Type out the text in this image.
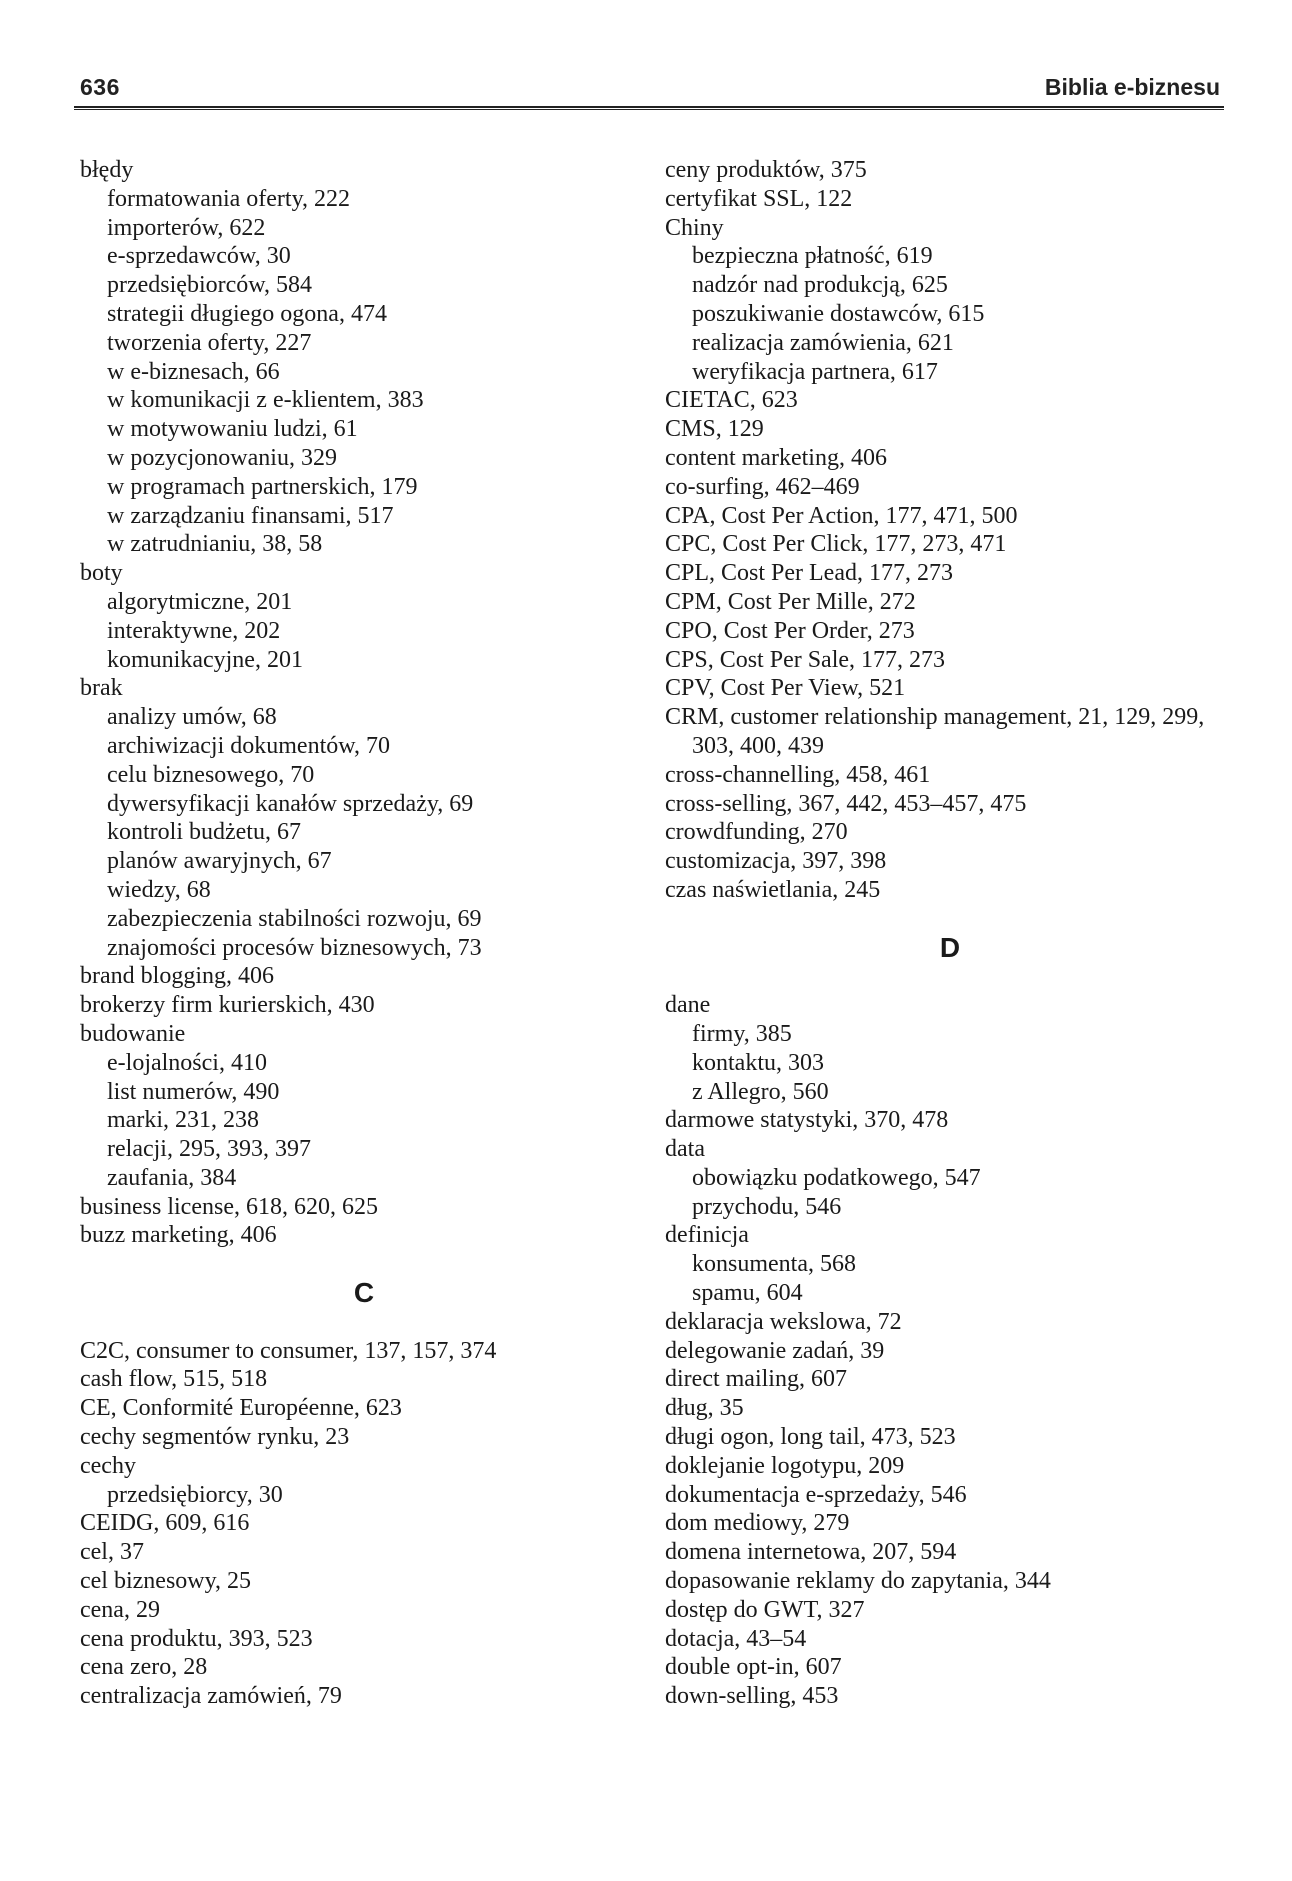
636	Biblia e-biznesu
błędy
formatowania oferty, 222
importerów, 622
e-sprzedawców, 30
przedsiębiorców, 584
strategii długiego ogona, 474
tworzenia oferty, 227
w e-biznesach, 66
w komunikacji z e-klientem, 383
w motywowaniu ludzi, 61
w pozycjonowaniu, 329
w programach partnerskich, 179
w zarządzaniu finansami, 517
w zatrudnianiu, 38, 58
boty
algorytmiczne, 201
interaktywne, 202
komunikacyjne, 201
brak
analizy umów, 68
archiwizacji dokumentów, 70
celu biznesowego, 70
dywersyfikacji kanałów sprzedaży, 69
kontroli budżetu, 67
planów awaryjnych, 67
wiedzy, 68
zabezpieczenia stabilności rozwoju, 69
znajomości procesów biznesowych, 73
brand blogging, 406
brokerzy firm kurierskich, 430
budowanie
e-lojalności, 410
list numerów, 490
marki, 231, 238
relacji, 295, 393, 397
zaufania, 384
business license, 618, 620, 625
buzz marketing, 406
C
C2C, consumer to consumer, 137, 157, 374
cash flow, 515, 518
CE, Conformité Européenne, 623
cechy segmentów rynku, 23
cechy
przedsiębiorcy, 30
CEIDG, 609, 616
cel, 37
cel biznesowy, 25
cena, 29
cena produktu, 393, 523
cena zero, 28
centralizacja zamówień, 79
ceny produktów, 375
certyfikat SSL, 122
Chiny
bezpieczna płatność, 619
nadzór nad produkcją, 625
poszukiwanie dostawców, 615
realizacja zamówienia, 621
weryfikacja partnera, 617
CIETAC, 623
CMS, 129
content marketing, 406
co-surfing, 462–469
CPA, Cost Per Action, 177, 471, 500
CPC, Cost Per Click, 177, 273, 471
CPL, Cost Per Lead, 177, 273
CPM, Cost Per Mille, 272
CPO, Cost Per Order, 273
CPS, Cost Per Sale, 177, 273
CPV, Cost Per View, 521
CRM, customer relationship management, 21, 129, 299, 303, 400, 439
cross-channelling, 458, 461
cross-selling, 367, 442, 453–457, 475
crowdfunding, 270
customizacja, 397, 398
czas naświetlania, 245
D
dane
firmy, 385
kontaktu, 303
z Allegro, 560
darmowe statystyki, 370, 478
data
obowiązku podatkowego, 547
przychodu, 546
definicja
konsumenta, 568
spamu, 604
deklaracja wekslowa, 72
delegowanie zadań, 39
direct mailing, 607
dług, 35
długi ogon, long tail, 473, 523
doklejanie logotypu, 209
dokumentacja e-sprzedaży, 546
dom mediowy, 279
domena internetowa, 207, 594
dopasowanie reklamy do zapytania, 344
dostęp do GWT, 327
dotacja, 43–54
double opt-in, 607
down-selling, 453
